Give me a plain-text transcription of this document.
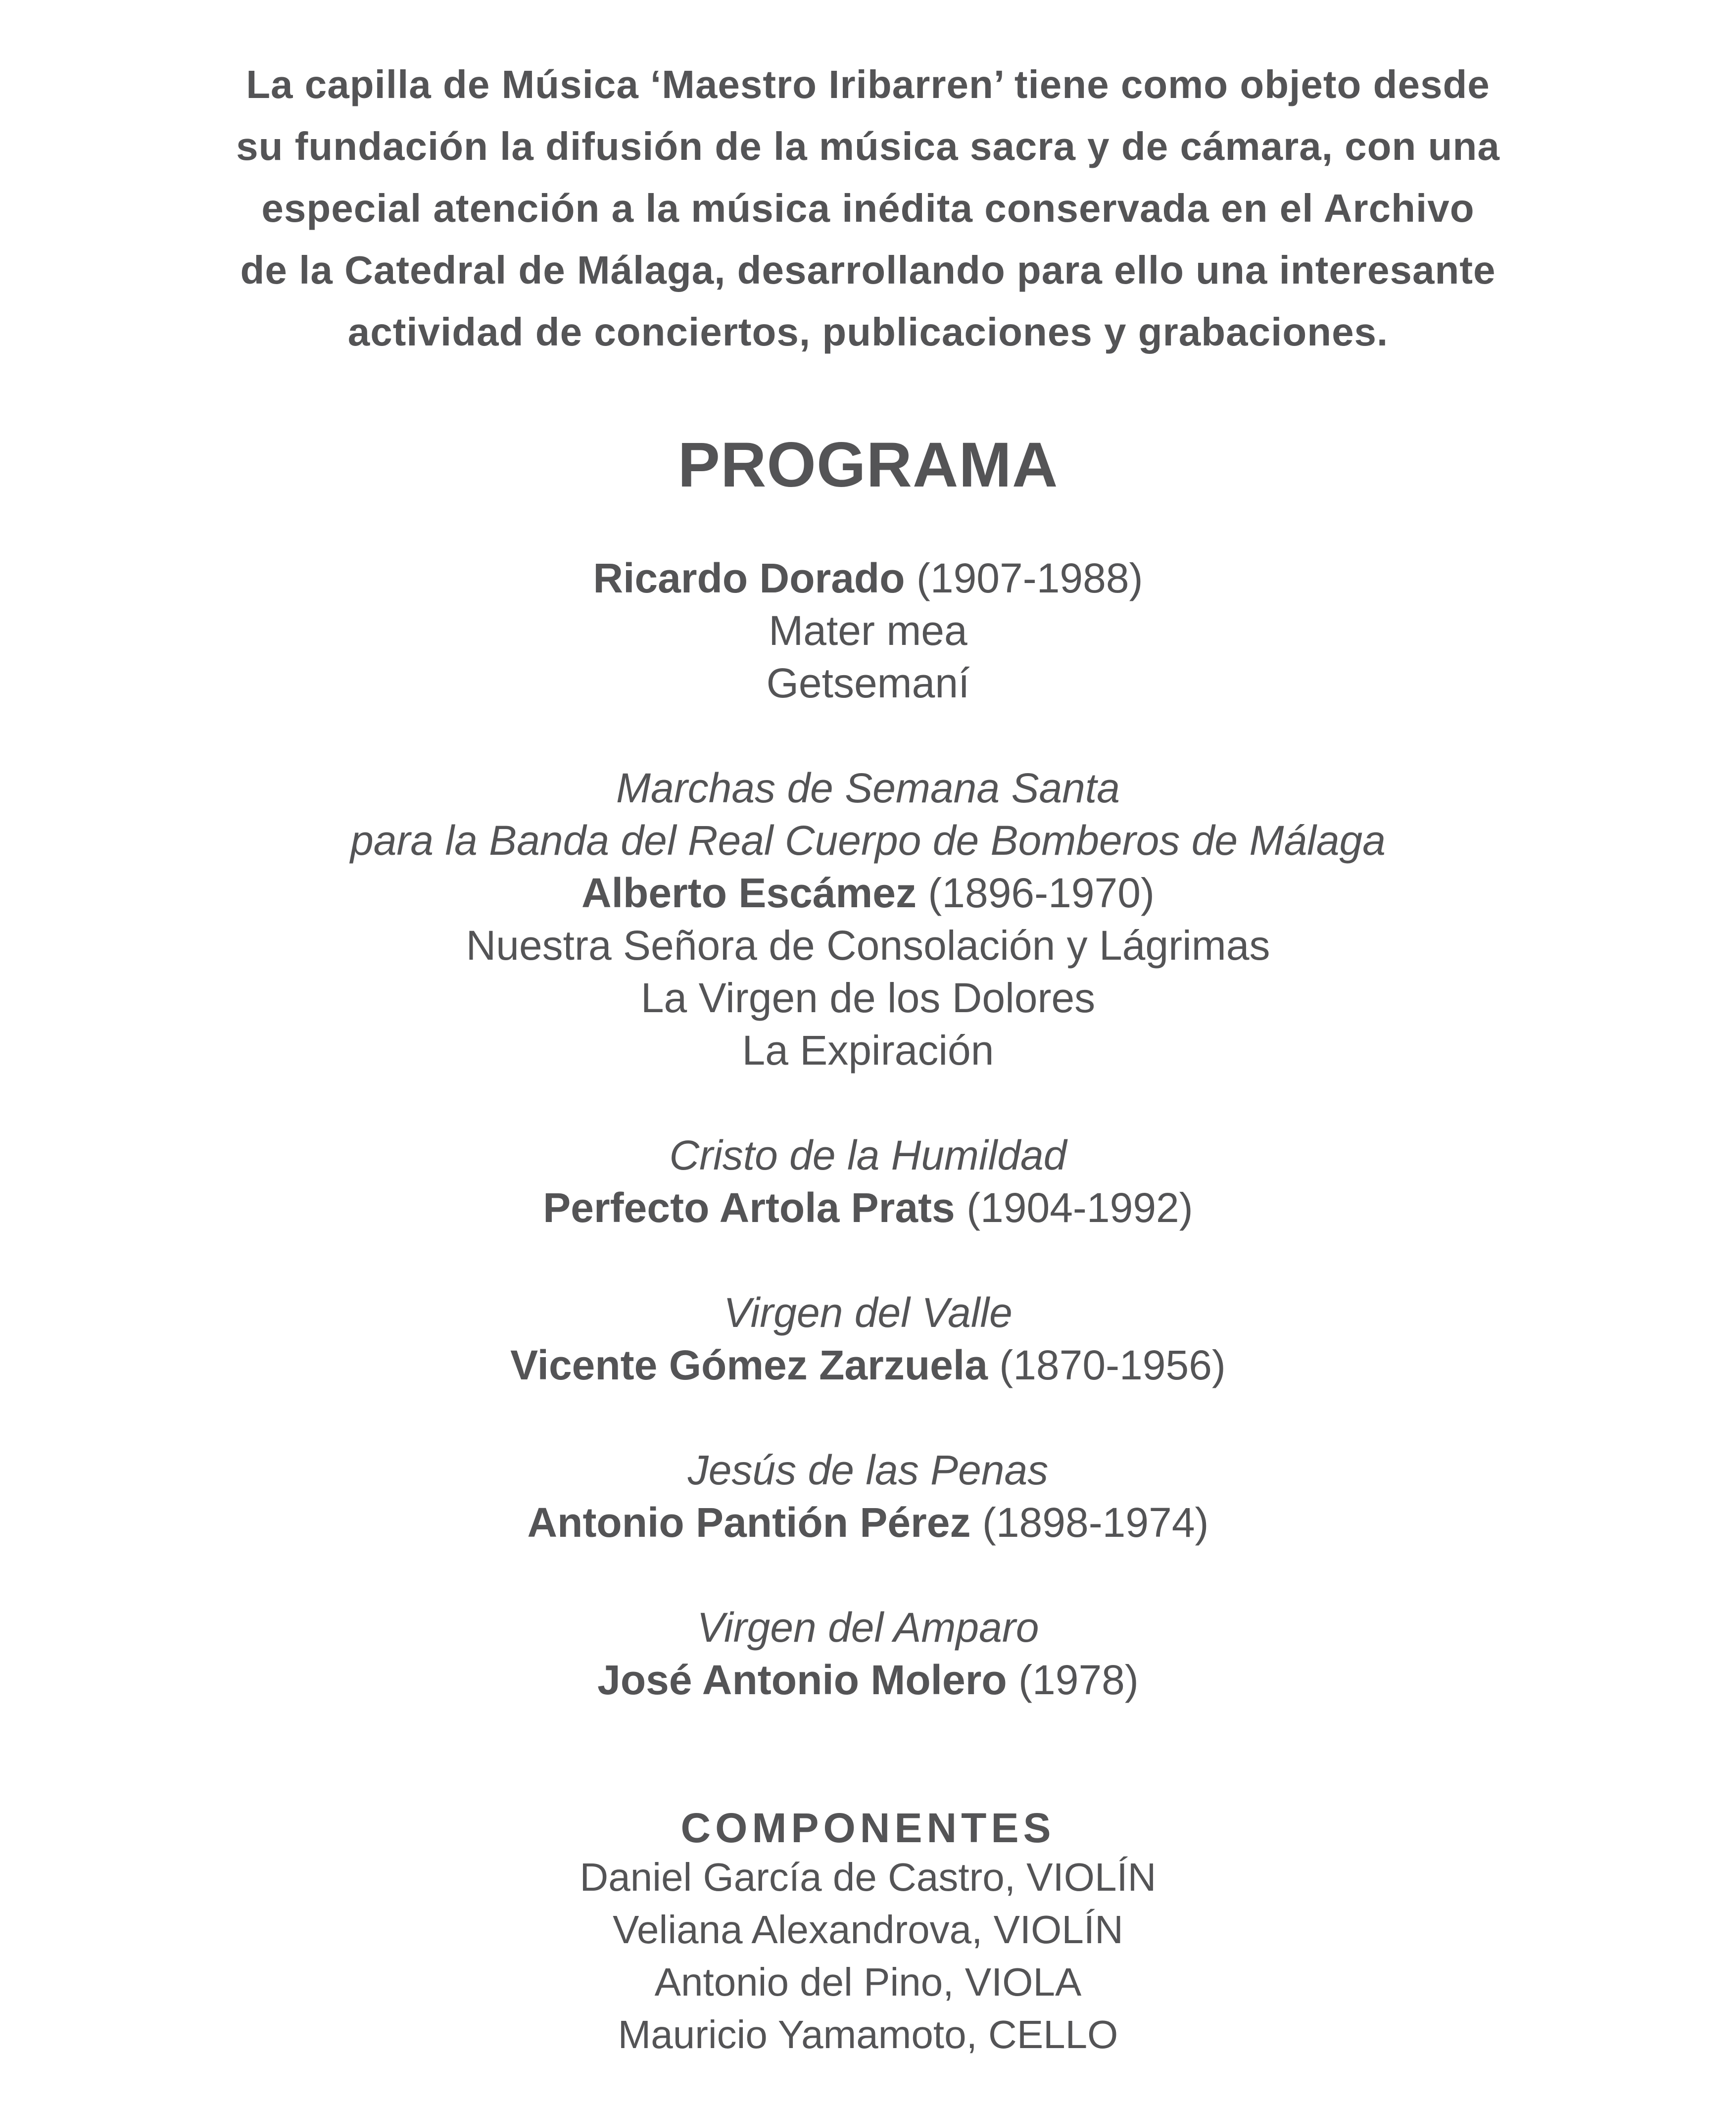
La capilla de Música ‘Maestro Iribarren’ tiene como objeto desde
su fundación la difusión de la música sacra y de cámara, con una
especial atención a la música inédita conservada en el Archivo
de la Catedral de Málaga, desarrollando para ello una interesante
actividad de conciertos, publicaciones y grabaciones.
PROGRAMA
Ricardo Dorado (1907-1988)
Mater mea
Getsemaní
Marchas de Semana Santa
para la Banda del Real Cuerpo de Bomberos de Málaga
Alberto Escámez (1896-1970)
Nuestra Señora de Consolación y Lágrimas
La Virgen de los Dolores
La Expiración
Cristo de la Humildad
Perfecto Artola Prats (1904-1992)
Virgen del Valle
Vicente Gómez Zarzuela (1870-1956)
Jesús de las Penas
Antonio Pantión Pérez (1898-1974)
Virgen del Amparo
José Antonio Molero (1978)
COMPONENTES
Daniel García de Castro, VIOLÍN
Veliana Alexandrova, VIOLÍN
Antonio del Pino, VIOLA
Mauricio Yamamoto, CELLO
